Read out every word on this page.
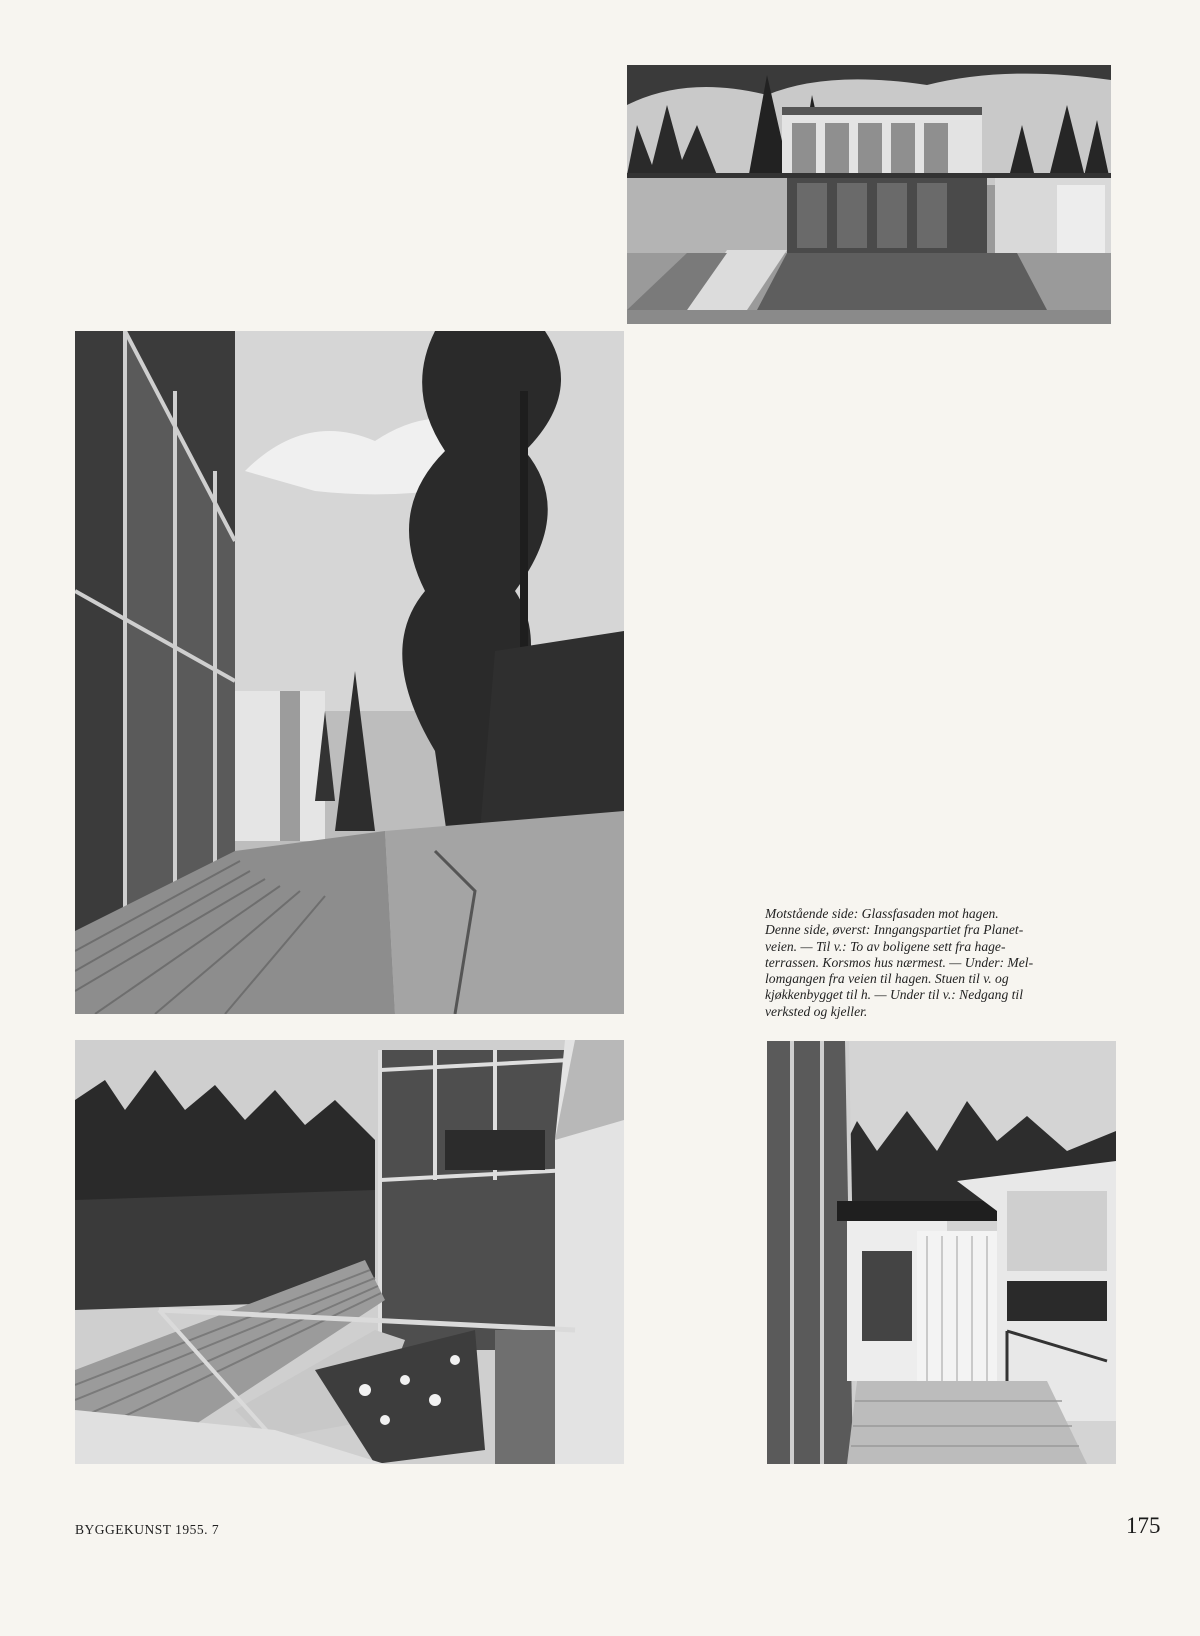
Motstående side: Glassfasaden mot hagen.
Denne side, øverst: Inngangspartiet fra Planet-
veien. — Til v.: To av boligene sett fra hage-
terrassen. Korsmos hus nærmest. — Under: Mel-
lomgangen fra veien til hagen. Stuen til v. og
kjøkkenbygget til h. — Under til v.: Nedgang til
verksted og kjeller.
BYGGEKUNST 1955. 7	175
